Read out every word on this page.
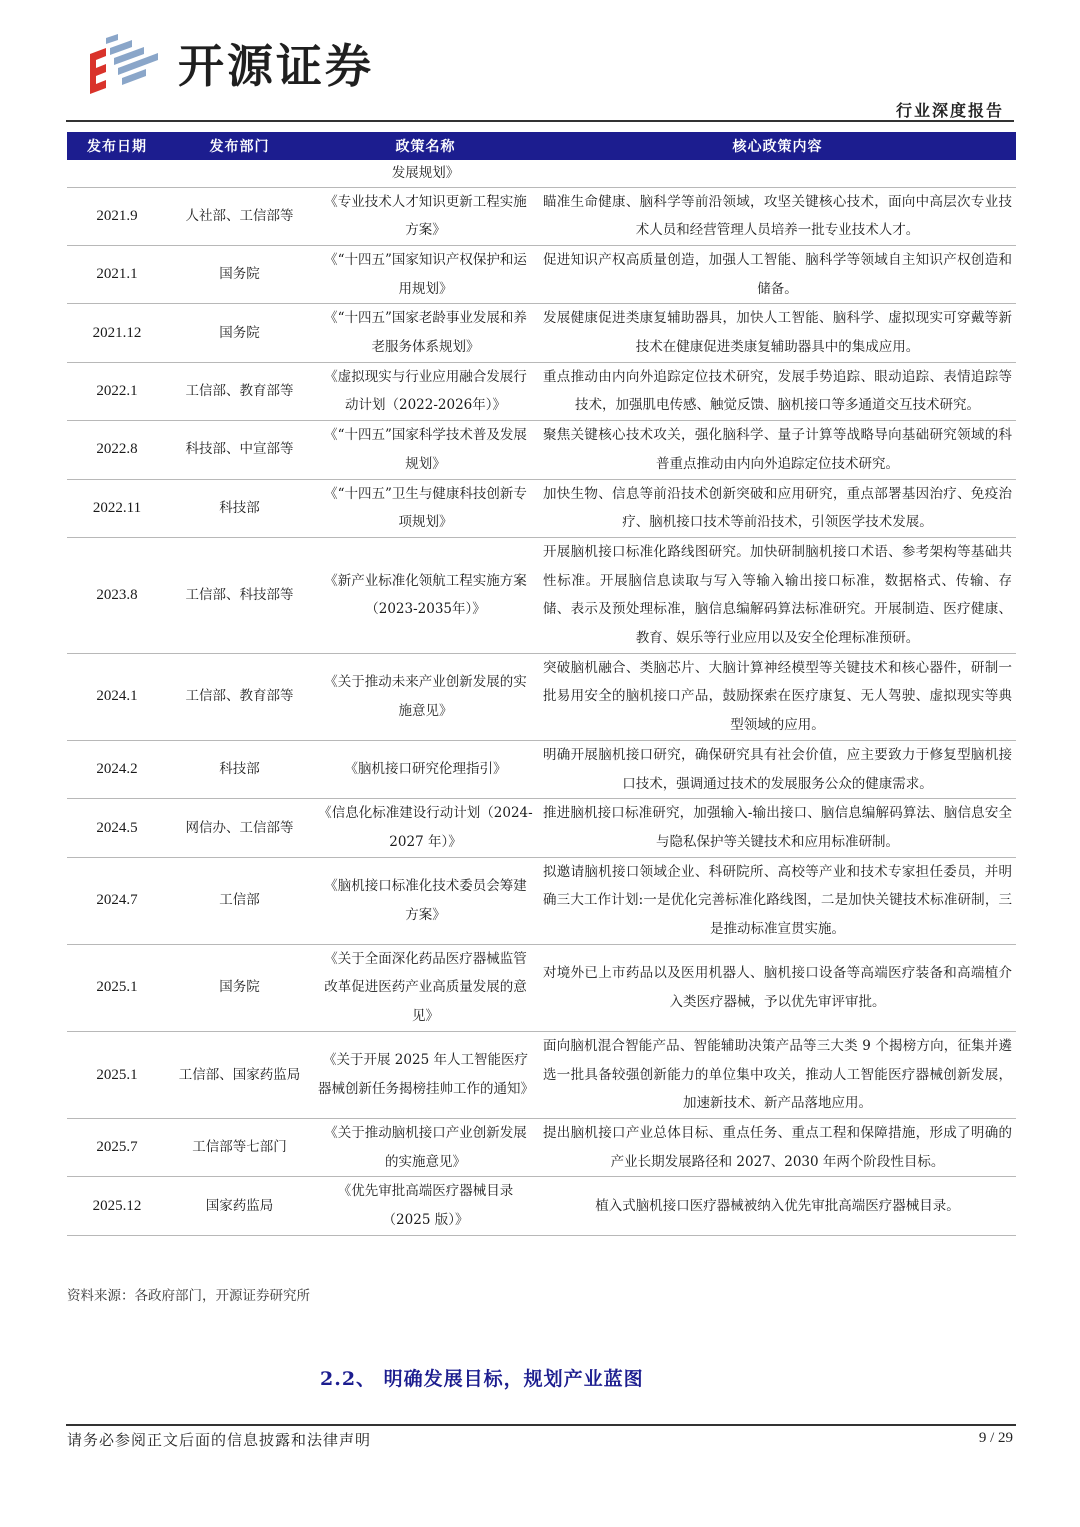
开源证券
行业深度报告
发布日期	发布部门	政策名称	核心政策内容
		发展规划》	
2021.9	人社部、工信部等	《专业技术人才知识更新工程实施方案》	瞄准生命健康、脑科学等前沿领域，攻坚关键核心技术，面向中高层次专业技术人员和经营管理人员培养一批专业技术人才。
2021.1	国务院	《“十四五”国家知识产权保护和运用规划》	促进知识产权高质量创造，加强人工智能、脑科学等领域自主知识产权创造和储备。
2021.12	国务院	《“十四五”国家老龄事业发展和养老服务体系规划》	发展健康促进类康复辅助器具，加快人工智能、脑科学、虚拟现实可穿戴等新技术在健康促进类康复辅助器具中的集成应用。
2022.1	工信部、教育部等	《虚拟现实与行业应用融合发展行动计划（2022-2026年）》	重点推动由内向外追踪定位技术研究，发展手势追踪、眼动追踪、表情追踪等技术，加强肌电传感、触觉反馈、脑机接口等多通道交互技术研究。
2022.8	科技部、中宣部等	《“十四五”国家科学技术普及发展规划》	聚焦关键核心技术攻关，强化脑科学、量子计算等战略导向基础研究领域的科普重点推动由内向外追踪定位技术研究。
2022.11	科技部	《“十四五”卫生与健康科技创新专项规划》	加快生物、信息等前沿技术创新突破和应用研究，重点部署基因治疗、免疫治疗、脑机接口技术等前沿技术，引领医学技术发展。
2023.8	工信部、科技部等	《新产业标准化领航工程实施方案（2023-2035年）》	开展脑机接口标准化路线图研究。加快研制脑机接口术语、参考架构等基础共性标准。开展脑信息读取与写入等输入输出接口标准，数据格式、传输、存储、表示及预处理标准，脑信息编解码算法标准研究。开展制造、医疗健康、教育、娱乐等行业应用以及安全伦理标准预研。
2024.1	工信部、教育部等	《关于推动未来产业创新发展的实施意见》	突破脑机融合、类脑芯片、大脑计算神经模型等关键技术和核心器件，研制一批易用安全的脑机接口产品，鼓励探索在医疗康复、无人驾驶、虚拟现实等典型领域的应用。
2024.2	科技部	《脑机接口研究伦理指引》	明确开展脑机接口研究，确保研究具有社会价值，应主要致力于修复型脑机接口技术，强调通过技术的发展服务公众的健康需求。
2024.5	网信办、工信部等	《信息化标准建设行动计划（2024-2027 年）》	推进脑机接口标准研究，加强输入-输出接口、脑信息编解码算法、脑信息安全与隐私保护等关键技术和应用标准研制。
2024.7	工信部	《脑机接口标准化技术委员会筹建方案》	拟邀请脑机接口领域企业、科研院所、高校等产业和技术专家担任委员，并明确三大工作计划:一是优化完善标准化路线图，二是加快关键技术标准研制，三是推动标准宣贯实施。
2025.1	国务院	《关于全面深化药品医疗器械监管改革促进医药产业高质量发展的意见》	对境外已上市药品以及医用机器人、脑机接口设备等高端医疗装备和高端植介入类医疗器械，予以优先审评审批。
2025.1	工信部、国家药监局	《关于开展 2025 年人工智能医疗器械创新任务揭榜挂帅工作的通知》	面向脑机混合智能产品、智能辅助决策产品等三大类 9 个揭榜方向，征集并遴选一批具备较强创新能力的单位集中攻关，推动人工智能医疗器械创新发展，加速新技术、新产品落地应用。
2025.7	工信部等七部门	《关于推动脑机接口产业创新发展的实施意见》	提出脑机接口产业总体目标、重点任务、重点工程和保障措施，形成了明确的产业长期发展路径和 2027、2030 年两个阶段性目标。
2025.12	国家药监局	《优先审批高端医疗器械目录（2025 版）》	植入式脑机接口医疗器械被纳入优先审批高端医疗器械目录。
资料来源：各政府部门，开源证券研究所
2.2、 明确发展目标，规划产业蓝图
请务必参阅正文后面的信息披露和法律声明	9 / 29
